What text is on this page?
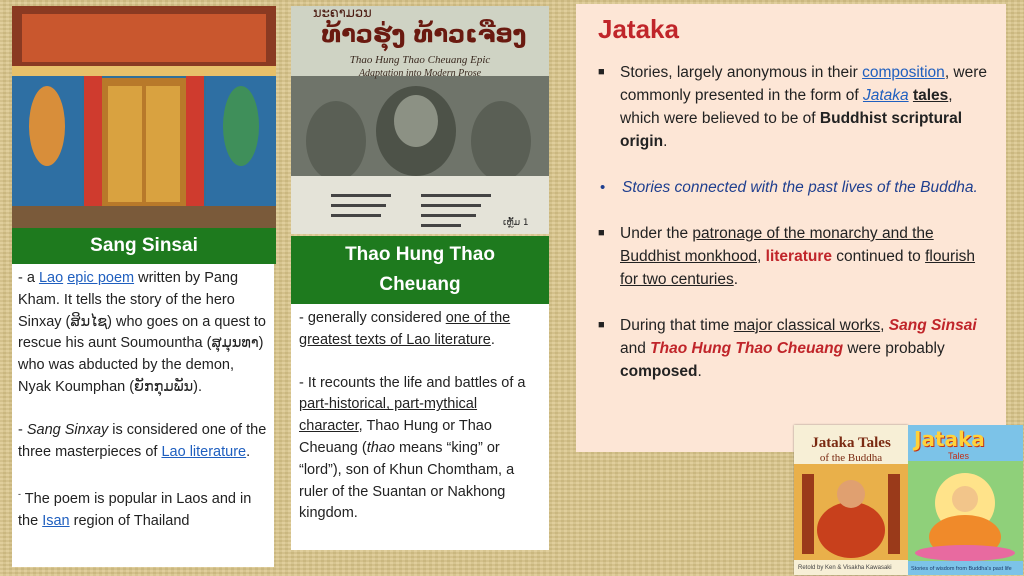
Sang Sinsai
- a Lao epic poem written by Pang Kham. It tells the story of the hero Sinxay (ສິນໄຊ) who goes on a quest to rescue his aunt Soumountha (ສຸມຸນທາ) who was abducted by the demon, Nyak Koumphan (ຍັກກຸມພັນ).
- Sang Sinxay is considered one of the three masterpieces of Lao literature.
- The poem is popular in Laos and in the Isan region of Thailand
ນະຄາມວນ
ທ້າວຮຸ່ງ ທ້າວເຈືອງ
Thao Hung Thao Cheuang Epic
Adaptation into Modern Prose
ເຫຼັ້ມ 1
Thao Hung Thao
Cheuang
- generally considered one of the greatest texts of Lao literature.
- It recounts the life and battles of a part-historical, part-mythical character, Thao Hung or Thao Cheuang (thao means “king” or “lord”), son of Khun Chomtham, a ruler of the Suantan or Nakhong kingdom.
Jataka
■ Stories, largely anonymous in their composition, were commonly presented in the form of Jataka tales, which were believed to be of Buddhist scriptural origin.
• Stories connected with the past lives of the Buddha.
■ Under the patronage of the monarchy and the Buddhist monkhood, literature continued to flourish for two centuries.
■ During that time major classical works, Sang Sinsai and Thao Hung Thao Cheuang were probably composed.
Jataka Tales
of the Buddha
Retold by Ken & Visakha Kawasaki
Jataka
Tales
Stories of wisdom from Buddha's past life
